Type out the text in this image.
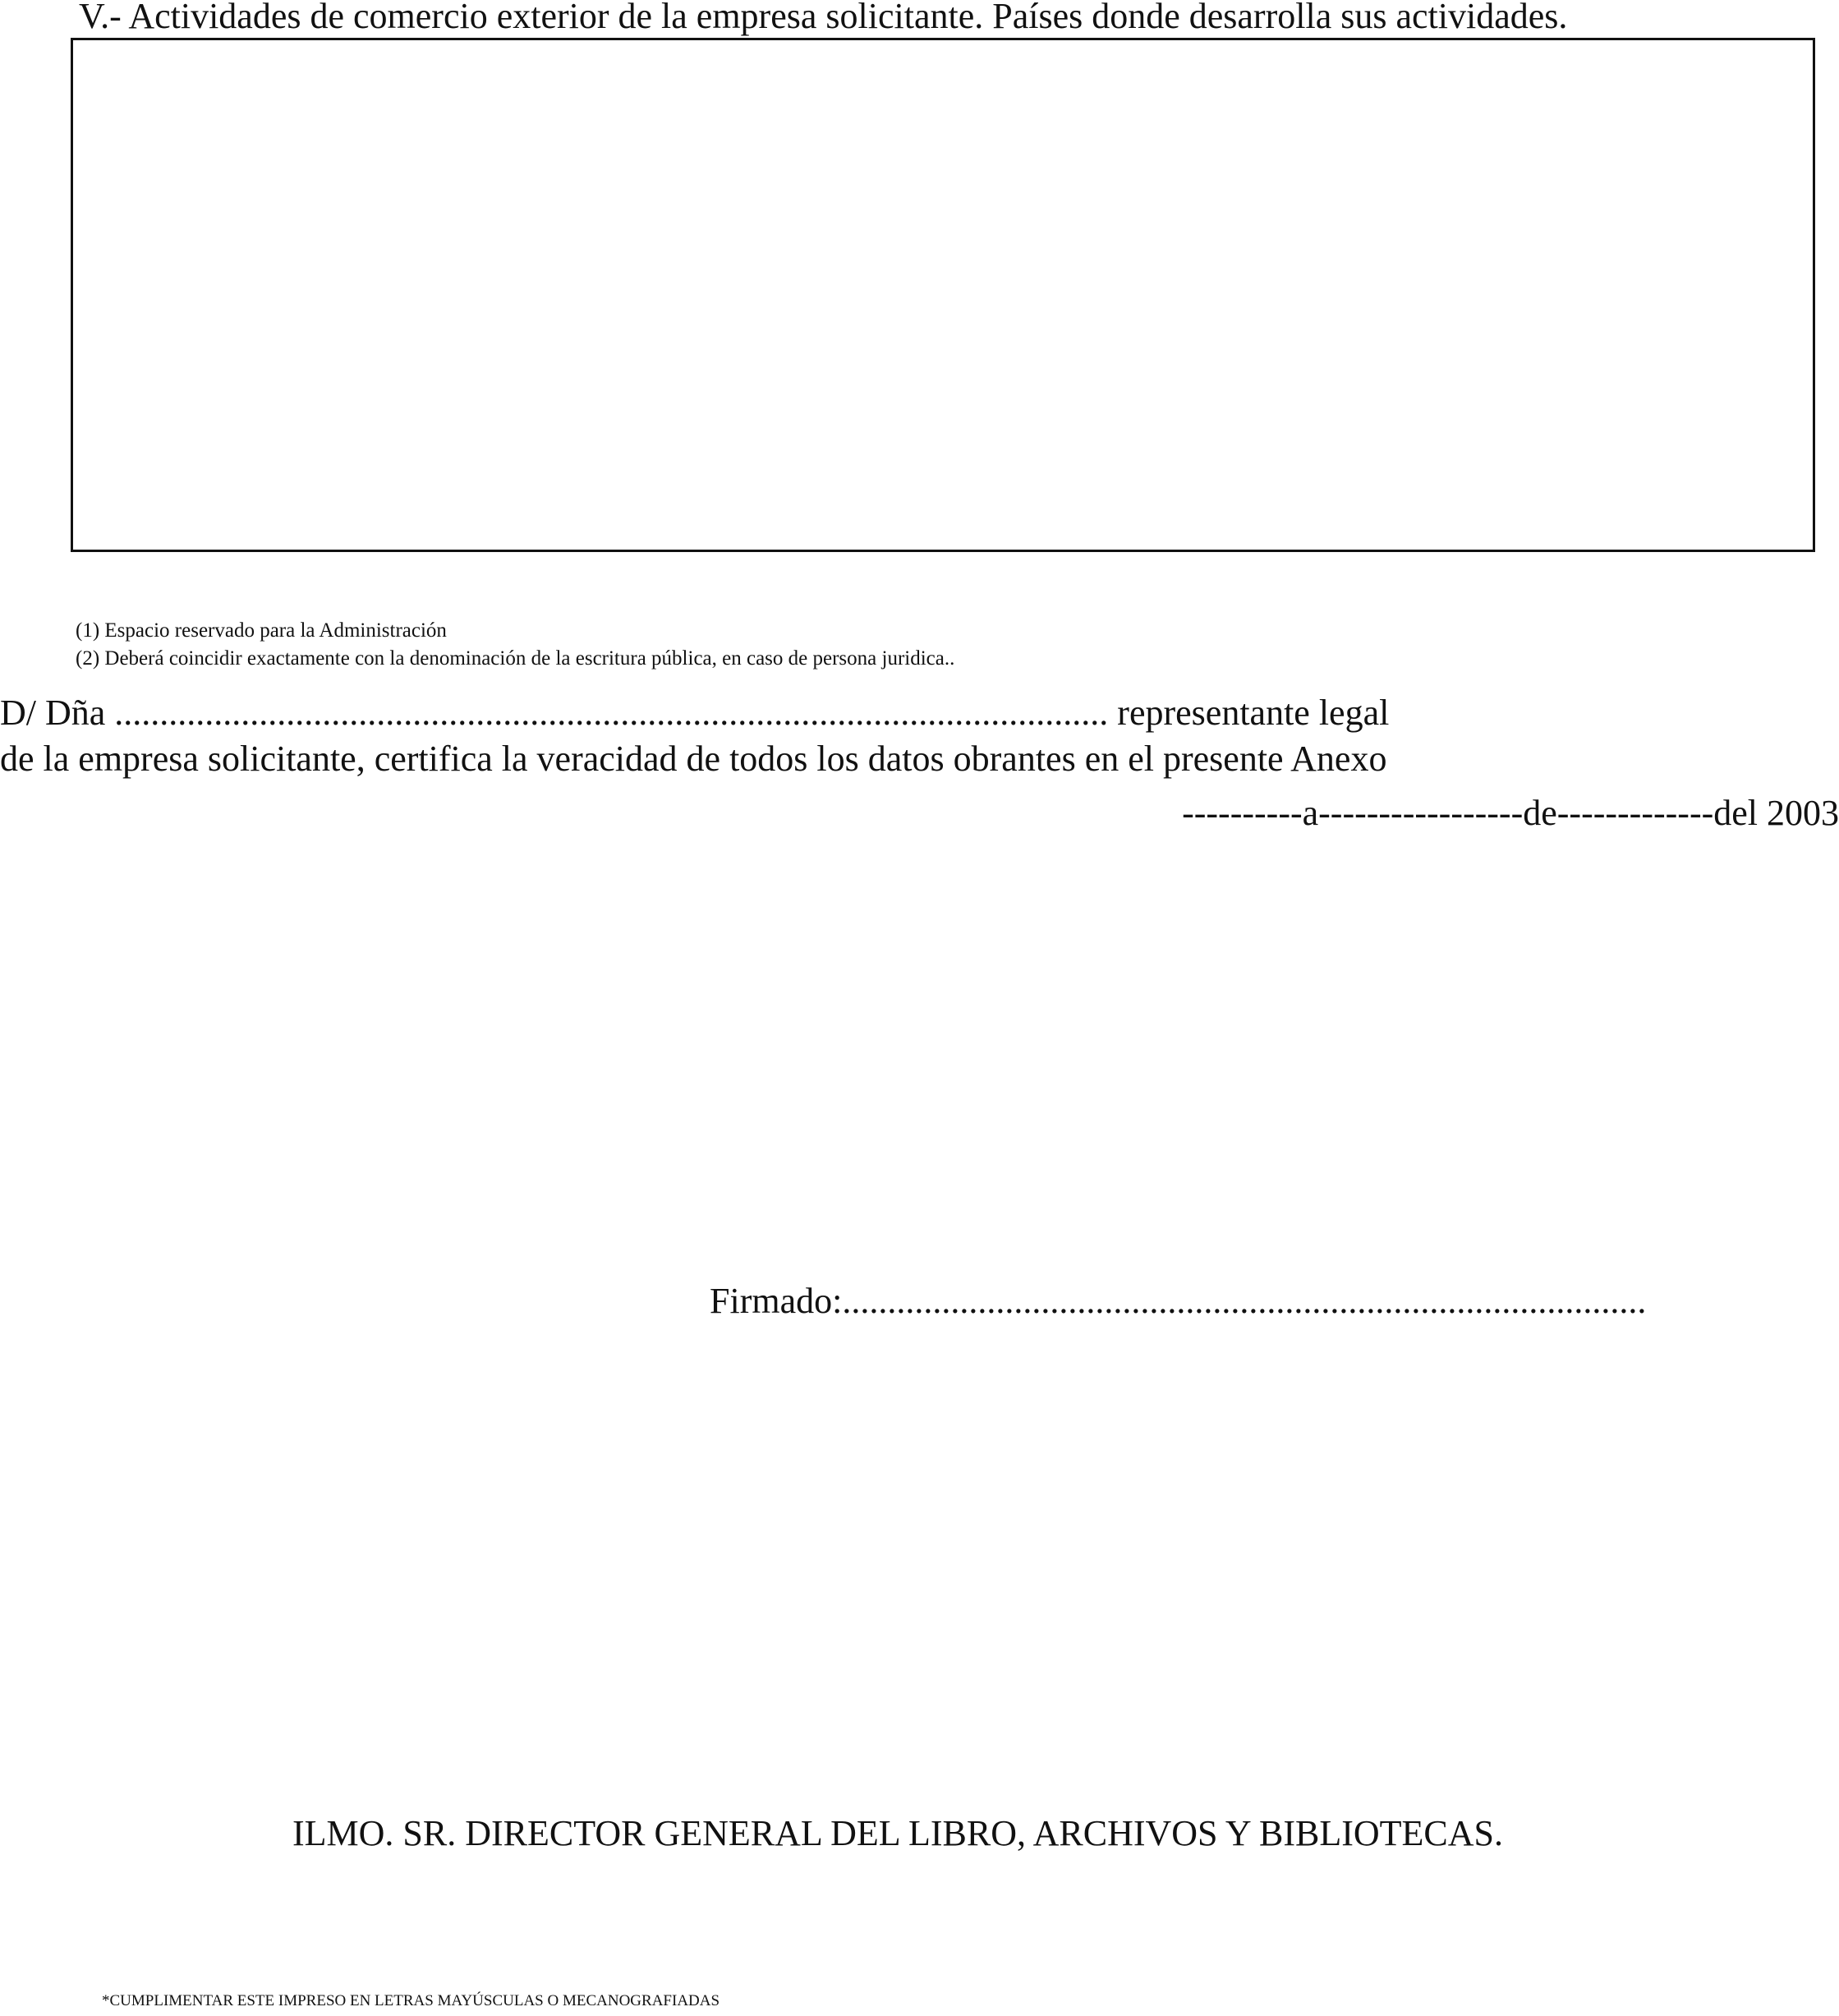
V.- Actividades de comercio exterior de la empresa solicitante. Países donde desarrolla sus actividades.
(1) Espacio reservado para la Administración
(2) Deberá coincidir exactamente con la denominación de la escritura pública, en caso de persona juridica..
D/ Dña .............................................................................................................. representante legal
de la empresa solicitante, certifica la veracidad de todos los datos obrantes en el presente Anexo
----------a-----------------de-------------del 2003
Firmado:.........................................................................................
ILMO. SR. DIRECTOR GENERAL DEL LIBRO, ARCHIVOS Y BIBLIOTECAS.
*CUMPLIMENTAR ESTE IMPRESO EN LETRAS MAYÚSCULAS O MECANOGRAFIADAS
